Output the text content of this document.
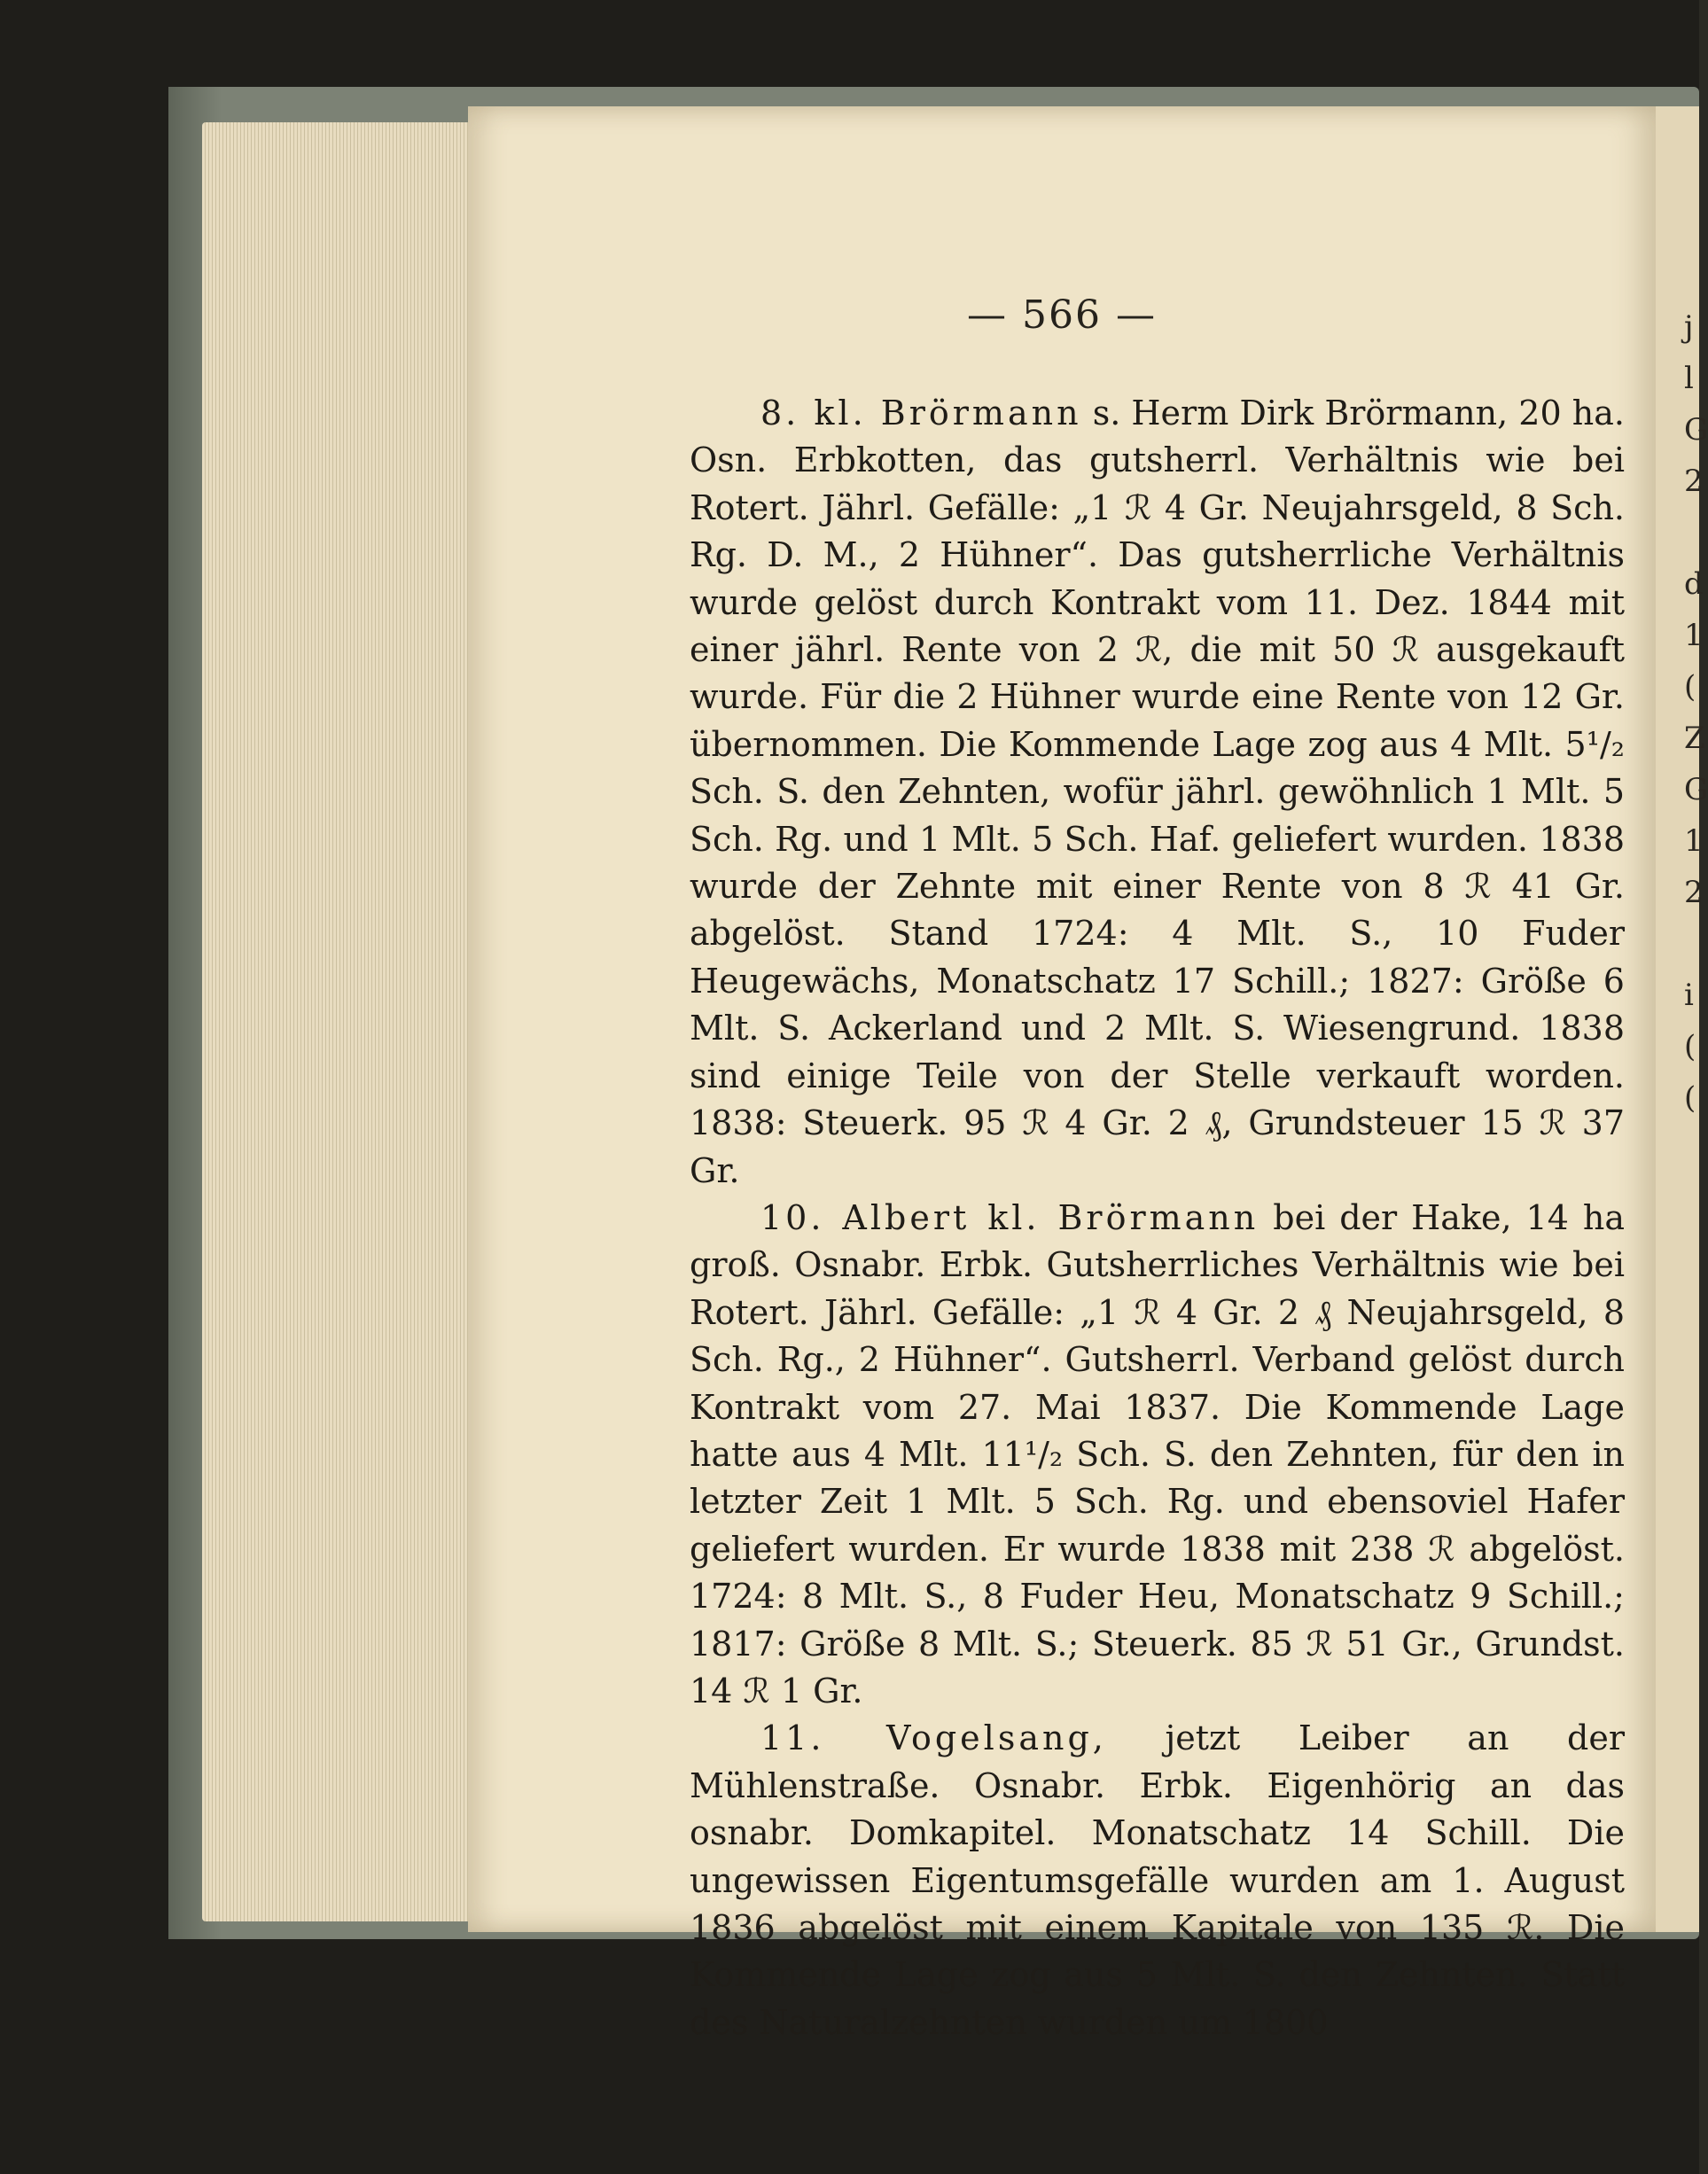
j
l
G
2

d
1
(
Z
G
1
2

i
(
(
— 566 —

8. kl. Brörmann s. Herm Dirk Brörmann, 20 ha. Osn. Erbkotten, das gutsherrl. Verhältnis wie bei Rotert. Jährl. Gefälle: „1 ℛ 4 Gr. Neujahrsgeld, 8 Sch. Rg. D. M., 2 Hühner“. Das gutsherrliche Verhältnis wurde gelöst durch Kontrakt vom 11. Dez. 1844 mit einer jährl. Rente von 2 ℛ, die mit 50 ℛ ausgekauft wurde. Für die 2 Hühner wurde eine Rente von 12 Gr. übernommen. Die Kommende Lage zog aus 4 Mlt. 5¹/₂ Sch. S. den Zehnten, wofür jährl. gewöhnlich 1 Mlt. 5 Sch. Rg. und 1 Mlt. 5 Sch. Haf. geliefert wurden. 1838 wurde der Zehnte mit einer Rente von 8 ℛ 41 Gr. abgelöst. Stand 1724: 4 Mlt. S., 10 Fuder Heugewächs, Monatschatz 17 Schill.; 1827: Größe 6 Mlt. S. Ackerland und 2 Mlt. S. Wiesengrund. 1838 sind einige Teile von der Stelle verkauft worden. 1838: Steuerk. 95 ℛ 4 Gr. 2 ₰, Grundsteuer 15 ℛ 37 Gr.

10. Albert kl. Brörmann bei der Hake, 14 ha groß. Osnabr. Erbk. Gutsherrliches Verhältnis wie bei Rotert. Jährl. Gefälle: „1 ℛ 4 Gr. 2 ₰ Neujahrsgeld, 8 Sch. Rg., 2 Hühner“. Gutsherrl. Verband gelöst durch Kontrakt vom 27. Mai 1837. Die Kommende Lage hatte aus 4 Mlt. 11¹/₂ Sch. S. den Zehnten, für den in letzter Zeit 1 Mlt. 5 Sch. Rg. und ebensoviel Hafer geliefert wurden. Er wurde 1838 mit 238 ℛ abgelöst. 1724: 8 Mlt. S., 8 Fuder Heu, Monatschatz 9 Schill.; 1817: Größe 8 Mlt. S.; Steuerk. 85 ℛ 51 Gr., Grundst. 14 ℛ 1 Gr.

11. Vogelsang, jetzt Leiber an der Mühlenstraße. Osnabr. Erbk. Eigenhörig an das osnabr. Domkapitel. Monatschatz 14 Schill. Die ungewissen Eigentumsgefälle wurden am 1. August 1836 abgelöst mit einem Kapitale von 135 ℛ. Die Kommende Lage zog aus 5 Mlt. S. den Zehnten. Statt des Naturalzehnten wurden um 1800
